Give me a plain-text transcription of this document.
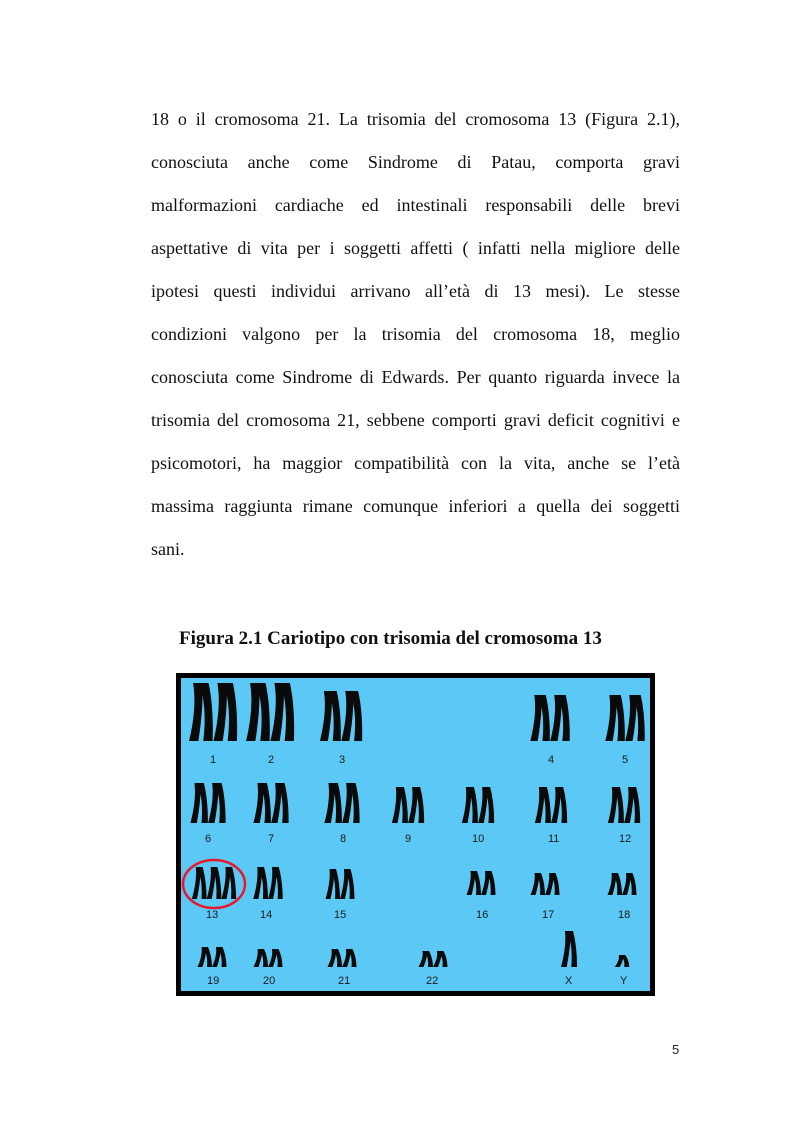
18 o il cromosoma 21. La trisomia del cromosoma 13 (Figura 2.1),
conosciuta anche come Sindrome di Patau, comporta gravi
malformazioni cardiache ed intestinali responsabili delle brevi
aspettative di vita per i soggetti affetti ( infatti nella migliore delle
ipotesi questi individui arrivano all’età di 13 mesi). Le stesse
condizioni valgono per la trisomia del cromosoma 18, meglio
conosciuta come Sindrome di Edwards. Per quanto riguarda invece la
trisomia del cromosoma 21, sebbene comporti gravi deficit cognitivi e
psicomotori, ha maggior compatibilità con la vita, anche se l’età
massima raggiunta rimane comunque inferiori a quella dei soggetti
sani.
Figura 2.1 Cariotipo con trisomia del cromosoma 13
1	2	3	4	5
6	7	8	9	10	11	12
13	14	15	16	17	18
19	20	21	22	X	Y
5
